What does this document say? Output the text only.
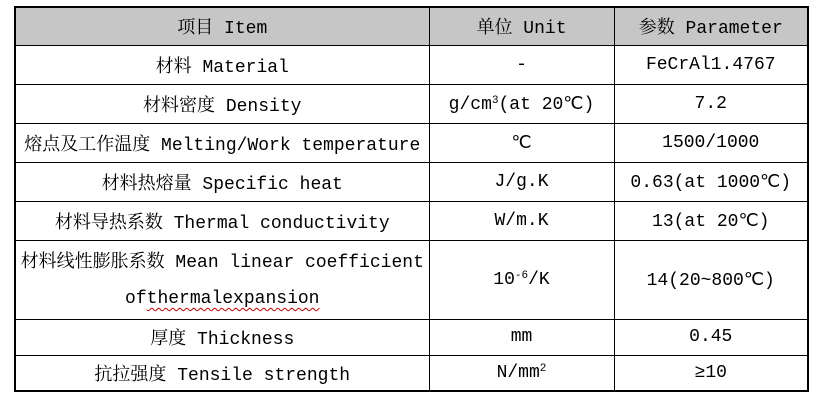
项目 Item	单位 Unit	参数 Parameter
材料 Material	-	FeCrAl1.4767
材料密度 Density	$g/cm^3(at$ 20℃)	7.2
熔点及工作温度 Melting/Work temperature	℃	1500/1000
材料热熔量 Specific heat	J/g.K	0.63(at 1000℃)
材料导热系数 Thermal conductivity	W/m.K	13(at 20℃)

材料线性膨胀系数 Mean linear coefficient
of thermalexpansion	$10^{-6}/K$	14(20~800℃)
厚度 Thickness	mm	0.45
抗拉强度 Tensile strength	$N/mm^2$	≥10
